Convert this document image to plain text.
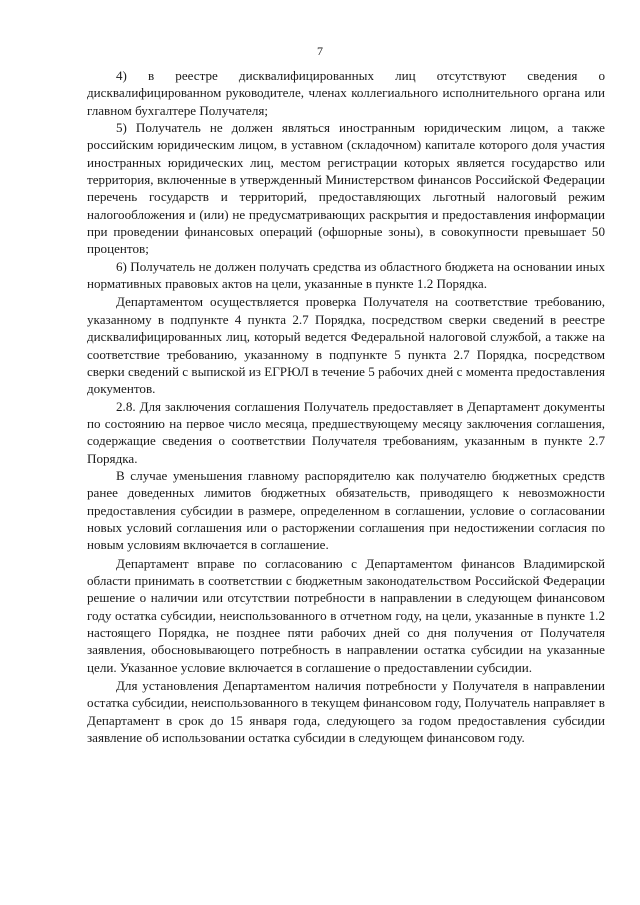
7

4) в реестре дисквалифицированных лиц отсутствуют сведения о дисквалифицированном руководителе, членах коллегиального исполнительного органа или главном бухгалтере Получателя;

5) Получатель не должен являться иностранным юридическим лицом, а также российским юридическим лицом, в уставном (складочном) капитале которого доля участия иностранных юридических лиц, местом регистрации которых является государство или территория, включенные в утвержденный Министерством финансов Российской Федерации перечень государств и территорий, предоставляющих льготный налоговый режим налогообложения и (или) не предусматривающих раскрытия и предоставления информации при проведении финансовых операций (офшорные зоны), в совокупности превышает 50 процентов;

6) Получатель не должен получать средства из областного бюджета на основании иных нормативных правовых актов на цели, указанные в пункте 1.2 Порядка.

Департаментом осуществляется проверка Получателя на соответствие требованию, указанному в подпункте 4 пункта 2.7 Порядка, посредством сверки сведений в реестре дисквалифицированных лиц, который ведется Федеральной налоговой службой, а также на соответствие требованию, указанному в подпункте 5 пункта 2.7 Порядка, посредством сверки сведений с выпиской из ЕГРЮЛ в течение 5 рабочих дней с момента предоставления документов.

2.8. Для заключения соглашения Получатель предоставляет в Департамент документы по состоянию на первое число месяца, предшествующему месяцу заключения соглашения, содержащие сведения о соответствии Получателя требованиям, указанным в пункте 2.7 Порядка.

В случае уменьшения главному распорядителю как получателю бюджетных средств ранее доведенных лимитов бюджетных обязательств, приводящего к невозможности предоставления субсидии в размере, определенном в соглашении, условие о согласовании новых условий соглашения или о расторжении соглашения при недостижении согласия по новым условиям включается в соглашение.

Департамент вправе по согласованию с Департаментом финансов Владимирской области принимать в соответствии с бюджетным законодательством Российской Федерации решение о наличии или отсутствии потребности в направлении в следующем финансовом году остатка субсидии, неиспользованного в отчетном году, на цели, указанные в пункте 1.2 настоящего Порядка, не позднее пяти рабочих дней со дня получения от Получателя заявления, обосновывающего потребность в направлении остатка субсидии на указанные цели. Указанное условие включается в соглашение о предоставлении субсидии.

Для установления Департаментом наличия потребности у Получателя в направлении остатка субсидии, неиспользованного в текущем финансовом году, Получатель направляет в Департамент в срок до 15 января года, следующего за годом предоставления субсидии заявление об использовании остатка субсидии в следующем финансовом году.
